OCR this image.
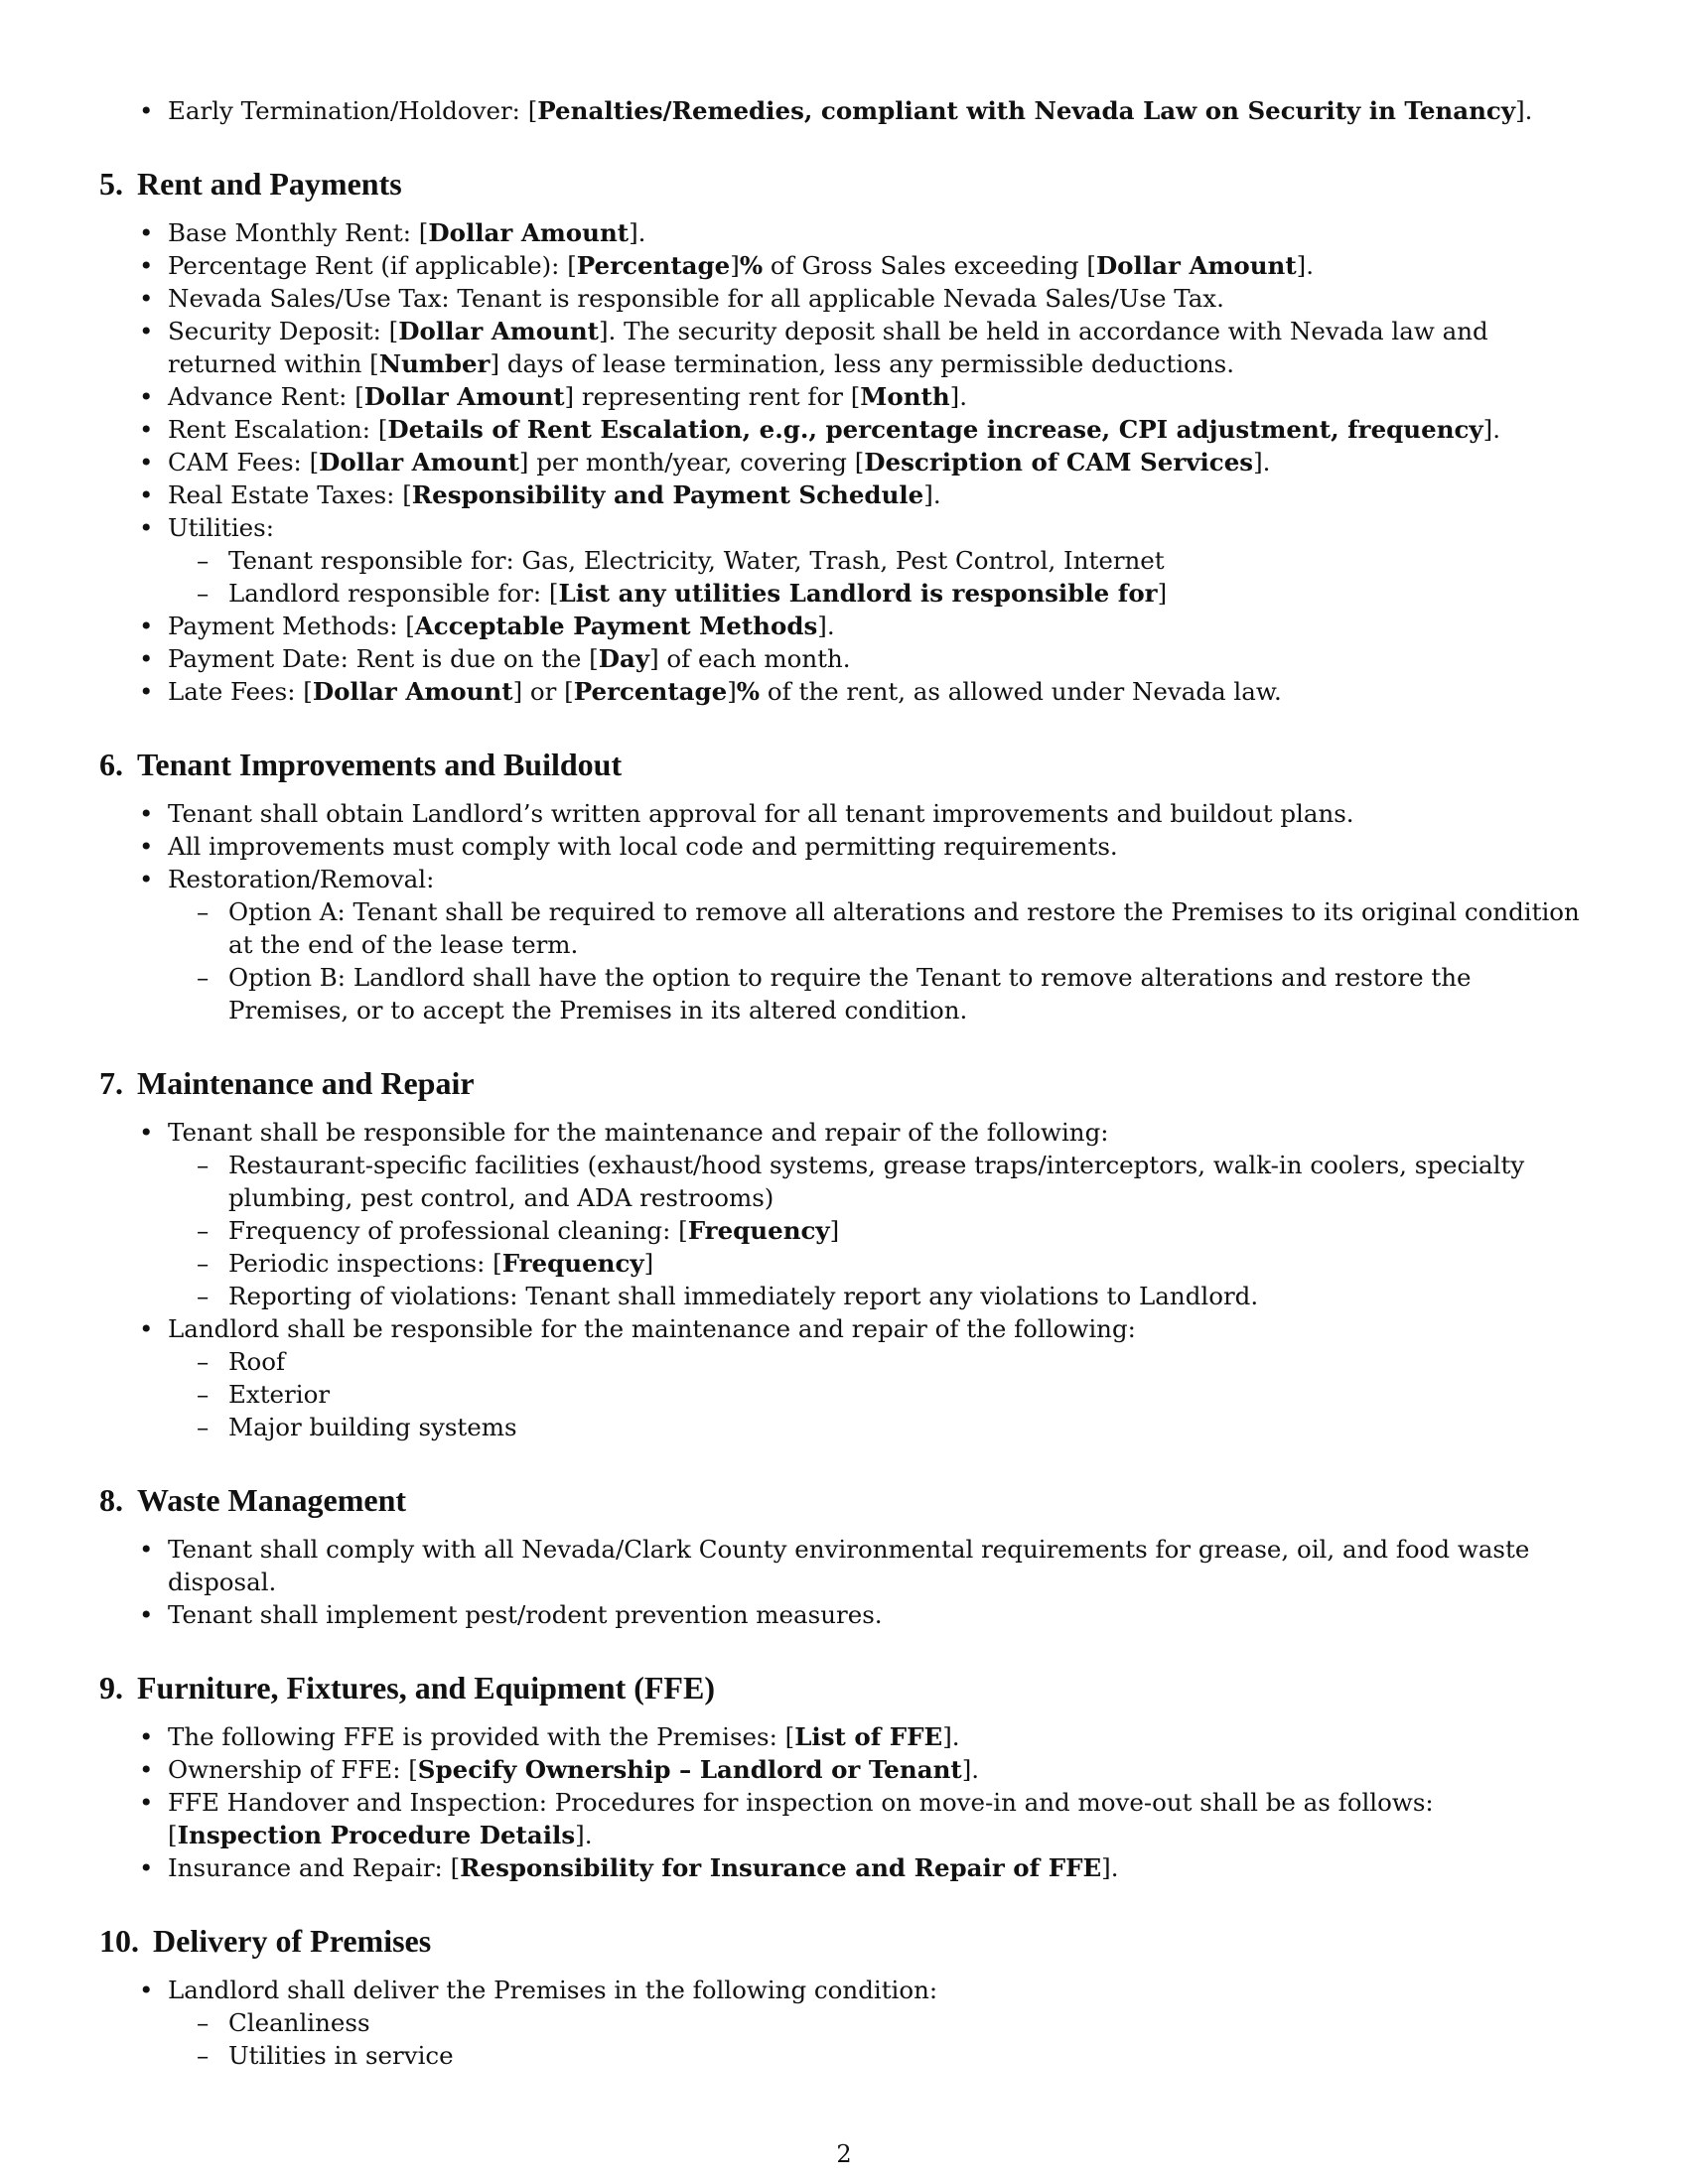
• Early Termination/Holdover: [Penalties/Remedies, compliant with Nevada Law on Security in Tenancy].
5. Rent and Payments
• Base Monthly Rent: [Dollar Amount].
• Percentage Rent (if applicable): [Percentage]% of Gross Sales exceeding [Dollar Amount].
• Nevada Sales/Use Tax: Tenant is responsible for all applicable Nevada Sales/Use Tax.
• Security Deposit: [Dollar Amount]. The security deposit shall be held in accordance with Nevada law and returned within [Number] days of lease termination, less any permissible deductions.
• Advance Rent: [Dollar Amount] representing rent for [Month].
• Rent Escalation: [Details of Rent Escalation, e.g., percentage increase, CPI adjustment, frequency].
• CAM Fees: [Dollar Amount] per month/year, covering [Description of CAM Services].
• Real Estate Taxes: [Responsibility and Payment Schedule].
• Utilities:
– Tenant responsible for: Gas, Electricity, Water, Trash, Pest Control, Internet
– Landlord responsible for: [List any utilities Landlord is responsible for]
• Payment Methods: [Acceptable Payment Methods].
• Payment Date: Rent is due on the [Day] of each month.
• Late Fees: [Dollar Amount] or [Percentage]% of the rent, as allowed under Nevada law.
6. Tenant Improvements and Buildout
• Tenant shall obtain Landlord’s written approval for all tenant improvements and buildout plans.
• All improvements must comply with local code and permitting requirements.
• Restoration/Removal:
– Option A: Tenant shall be required to remove all alterations and restore the Premises to its original condition at the end of the lease term.
– Option B: Landlord shall have the option to require the Tenant to remove alterations and restore the Premises, or to accept the Premises in its altered condition.
7. Maintenance and Repair
• Tenant shall be responsible for the maintenance and repair of the following:
– Restaurant-specific facilities (exhaust/hood systems, grease traps/interceptors, walk-in coolers, specialty plumbing, pest control, and ADA restrooms)
– Frequency of professional cleaning: [Frequency]
– Periodic inspections: [Frequency]
– Reporting of violations: Tenant shall immediately report any violations to Landlord.
• Landlord shall be responsible for the maintenance and repair of the following:
– Roof
– Exterior
– Major building systems
8. Waste Management
• Tenant shall comply with all Nevada/Clark County environmental requirements for grease, oil, and food waste disposal.
• Tenant shall implement pest/rodent prevention measures.
9. Furniture, Fixtures, and Equipment (FFE)
• The following FFE is provided with the Premises: [List of FFE].
• Ownership of FFE: [Specify Ownership – Landlord or Tenant].
• FFE Handover and Inspection: Procedures for inspection on move-in and move-out shall be as follows: [Inspection Procedure Details].
• Insurance and Repair: [Responsibility for Insurance and Repair of FFE].
10. Delivery of Premises
• Landlord shall deliver the Premises in the following condition:
– Cleanliness
– Utilities in service
2
